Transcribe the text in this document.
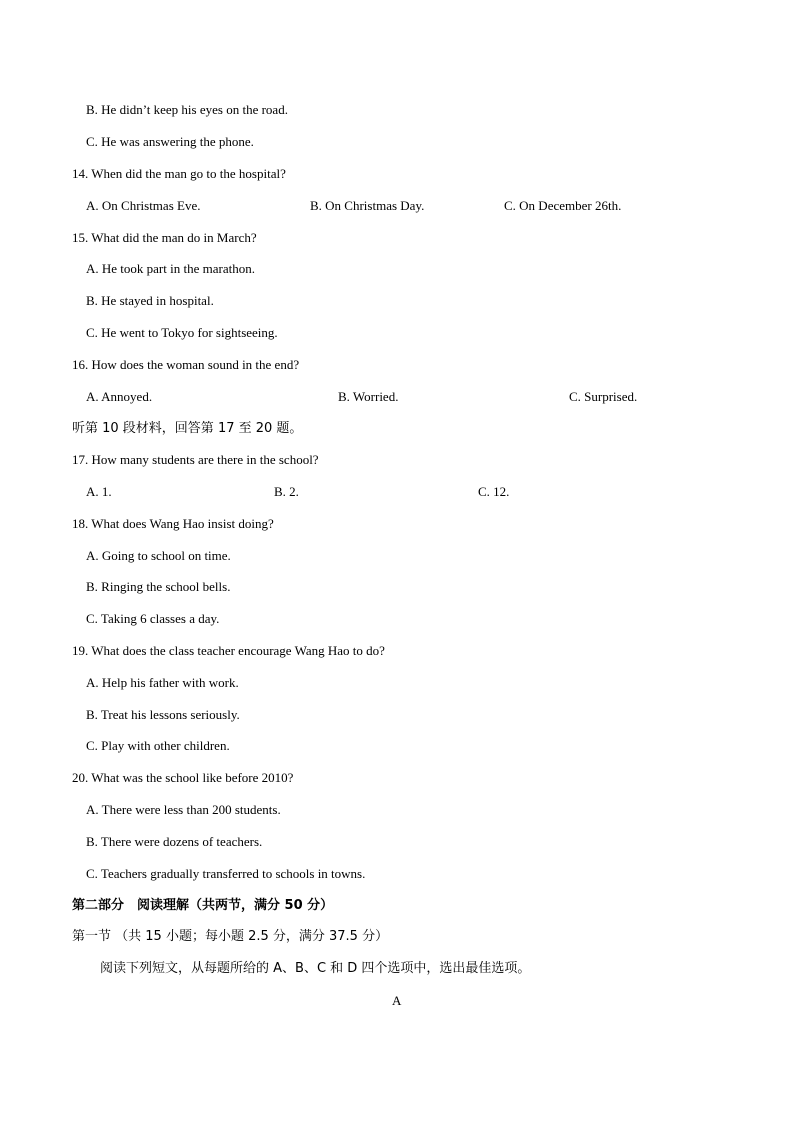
B. He didn’t keep his eyes on the road.
C. He was answering the phone.
14. When did the man go to the hospital?
A. On Christmas Eve.	B. On Christmas Day.	C. On December 26th.
15. What did the man do in March?
A. He took part in the marathon.
B. He stayed in hospital.
C. He went to Tokyo for sightseeing.
16. How does the woman sound in the end?
A. Annoyed.	B. Worried.	C. Surprised.
听第 10 段材料，回答第 17 至 20 题。
17. How many students are there in the school?
A. 1.	B. 2.	C. 12.
18. What does Wang Hao insist doing?
A. Going to school on time.
B. Ringing the school bells.
C. Taking 6 classes a day.
19. What does the class teacher encourage Wang Hao to do?
A. Help his father with work.
B. Treat his lessons seriously.
C. Play with other children.
20. What was the school like before 2010?
A. There were less than 200 students.
B. There were dozens of teachers.
C. Teachers gradually transferred to schools in towns.
第二部分　阅读理解（共两节，满分 50 分）
第一节 （共 15 小题；每小题 2.5 分，满分 37.5 分）
阅读下列短文，从每题所给的 A、B、C 和 D 四个选项中，选出最佳选项。
A
